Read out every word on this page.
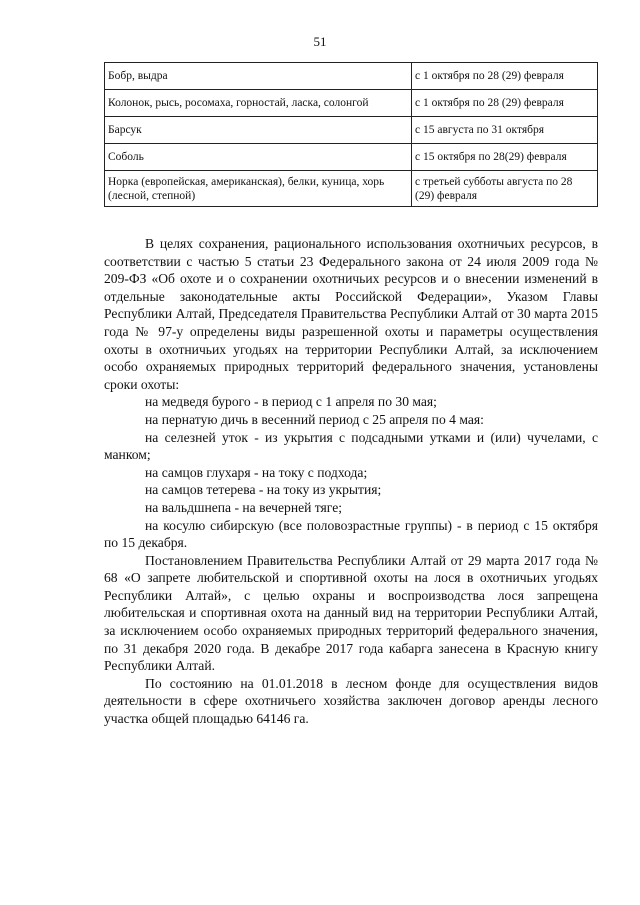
51
Бобр, выдра	с 1 октября по 28 (29) февраля
Колонок, рысь, росомаха, горностай, ласка, солонгой	с 1 октября по 28 (29) февраля
Барсук	с 15 августа по 31 октября
Соболь	с 15 октября по 28(29) февраля
Норка (европейская, американская), белки, куница, хорь (лесной, степной)	с третьей субботы августа по 28 (29) февраля

В целях сохранения, рационального использования охотничьих ресурсов, в соответствии с частью 5 статьи 23 Федерального закона от 24 июля 2009 года № 209-ФЗ «Об охоте и о сохранении охотничьих ресурсов и о внесении изменений в отдельные законодательные акты Российской Федерации», Указом Главы Республики Алтай, Председателя Правительства Республики Алтай от 30 марта 2015 года № 97-у определены виды разрешенной охоты и параметры осуществления охоты в охотничьих угодьях на территории Республики Алтай, за исключением особо охраняемых природных территорий федерального значения, установлены сроки охоты:

на медведя бурого - в период с 1 апреля по 30 мая;

на пернатую дичь в весенний период с 25 апреля по 4 мая:

на селезней уток - из укрытия с подсадными утками и (или) чучелами, с манком;

на самцов глухаря - на току с подхода;

на самцов тетерева - на току из укрытия;

на вальдшнепа - на вечерней тяге;

на косулю сибирскую (все половозрастные группы) - в период с 15 октября по 15 декабря.

Постановлением Правительства Республики Алтай от 29 марта 2017 года № 68 «О запрете любительской и спортивной охоты на лося в охотничьих угодьях Республики Алтай», с целью охраны и воспроизводства лося запрещена любительская и спортивная охота на данный вид на территории Республики Алтай, за исключением особо охраняемых природных территорий федерального значения, по 31 декабря 2020 года. В декабре 2017 года кабарга занесена в Красную книгу Республики Алтай.

По состоянию на 01.01.2018 в лесном фонде для осуществления видов деятельности в сфере охотничьего хозяйства заключен договор аренды лесного участка общей площадью 64146 га.
